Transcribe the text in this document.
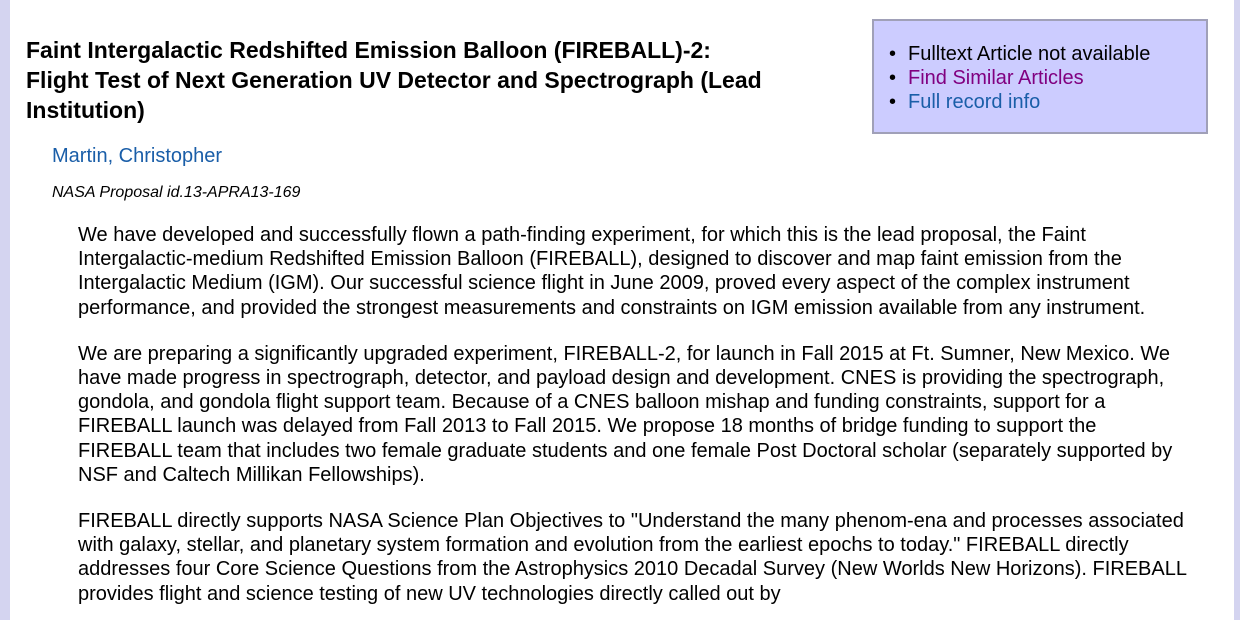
Faint Intergalactic Redshifted Emission Balloon (FIREBALL)-2:
Flight Test of Next Generation UV Detector and Spectrograph (Lead Institution)
• Fulltext Article not available
• Find Similar Articles
• Full record info
Martin, Christopher
NASA Proposal id.13-APRA13-169

We have developed and successfully flown a path-finding experiment, for which this is the lead proposal, the Faint Intergalactic-medium Redshifted Emission Balloon (FIREBALL), designed to discover and map faint emission from the Intergalactic Medium (IGM). Our successful science flight in June 2009, proved every aspect of the complex instrument performance, and provided the strongest measurements and constraints on IGM emission available from any instrument.

We are preparing a significantly upgraded experiment, FIREBALL-2, for launch in Fall 2015 at Ft. Sumner, New Mexico. We have made progress in spectrograph, detector, and payload design and development. CNES is providing the spectrograph, gondola, and gondola flight support team. Because of a CNES balloon mishap and funding constraints, support for a FIREBALL launch was delayed from Fall 2013 to Fall 2015. We propose 18 months of bridge funding to support the FIREBALL team that includes two female graduate students and one female Post Doctoral scholar (separately supported by NSF and Caltech Millikan Fellowships).

FIREBALL directly supports NASA Science Plan Objectives to "Understand the many phenom-ena and processes associated with galaxy, stellar, and planetary system formation and evolution from the earliest epochs to today." FIREBALL directly addresses four Core Science Questions from the Astrophysics 2010 Decadal Survey (New Worlds New Horizons). FIREBALL provides flight and science testing of new UV technologies directly called out by
